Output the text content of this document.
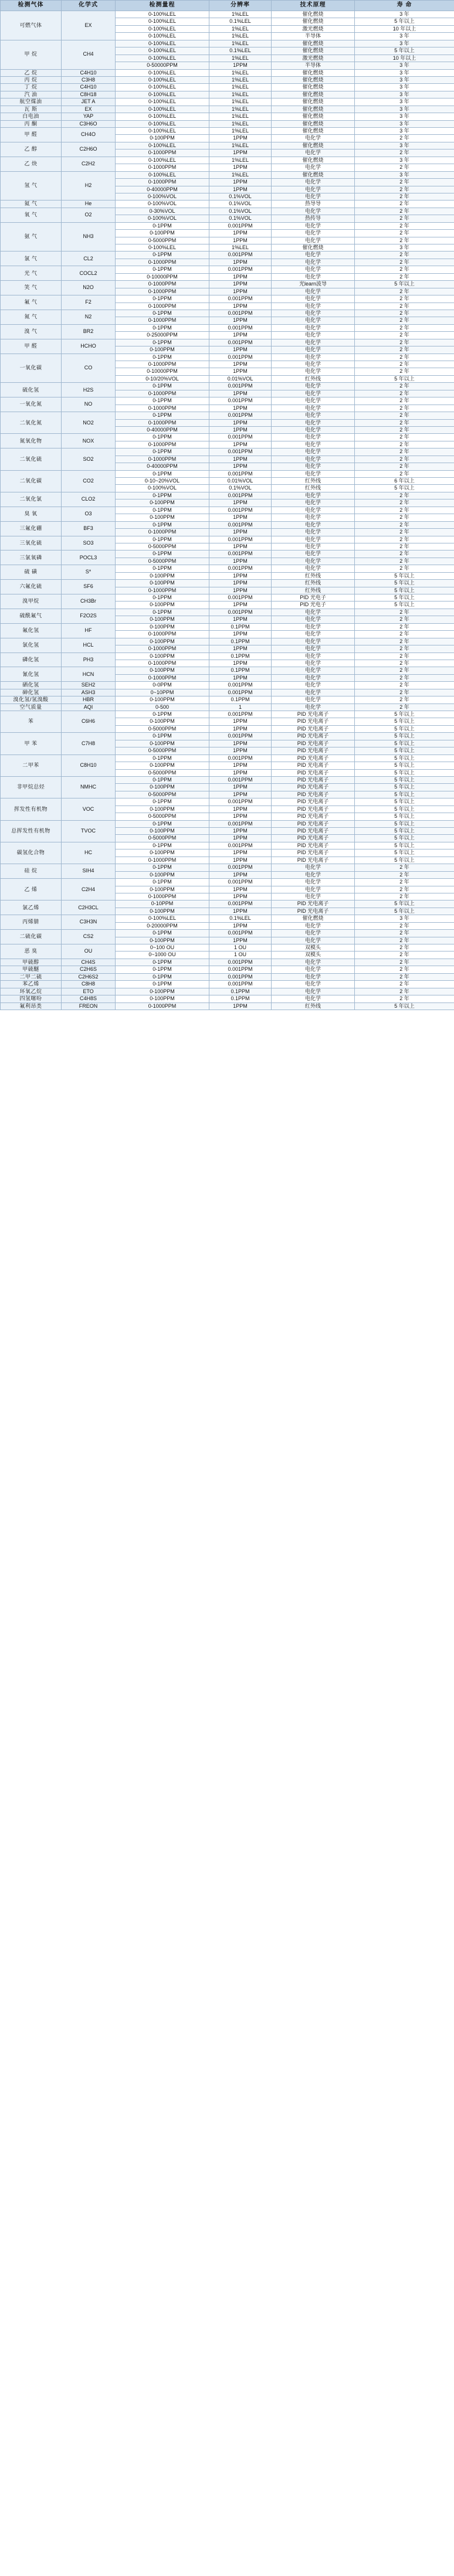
检测气体	化学式	检测量程	分辨率	技术原理	寿 命
可燃气体	EX	0-100%LEL	1%LEL	催化燃烧	3 年
		0-100%LEL	0.1%LEL	催化燃烧	5 年以上
		0-100%LEL	1%LEL	激光燃烧	10 年以上
		0-100%LEL	1%LEL	半导体	3 年
甲 烷	CH4	0-100%LEL	1%LEL	催化燃烧	3 年
		0-100%LEL	0.1%LEL	催化燃烧	5 年以上
		0-100%LEL	1%LEL	激光燃烧	10 年以上
		0-50000PPM	1PPM	半导体	3 年
乙 烷	C4H10	0-100%LEL	1%LEL	催化燃烧	3 年
丙 烷	C3H8	0-100%LEL	1%LEL	催化燃烧	3 年
丁 烷	C4H10	0-100%LEL	1%LEL	催化燃烧	3 年
汽 油	C8H18	0-100%LEL	1%LEL	催化燃烧	3 年
航空煤油	JET A	0-100%LEL	1%LEL	催化燃烧	3 年
瓦 斯	EX	0-100%LEL	1%LEL	催化燃烧	3 年
白电油	YAP	0-100%LEL	1%LEL	催化燃烧	3 年
丙 酮	C3H6O	0-100%LEL	1%LEL	催化燃烧	3 年
甲 醛	CH4O	0-100%LEL	1%LEL	催化燃烧	3 年
		0-100PPM	1PPM	电化学	2 年
乙 醇	C2H6O	0-100%LEL	1%LEL	催化燃烧	3 年
		0-1000PPM	1PPM	电化学	2 年
乙 炔	C2H2	0-100%LEL	1%LEL	催化燃烧	3 年
		0-1000PPM	1PPM	电化学	2 年
氢 气	H2	0-100%LEL	1%LEL	催化燃烧	3 年
		0-1000PPM	1PPM	电化学	2 年
		0-40000PPM	1PPM	电化学	2 年
		0-100%VOL	0.1%VOL	电化学	2 年
氦 气	He	0-100%VOL	0.1%VOL	热导导	2 年
氧 气	O2	0-30%VOL	0.1%VOL	电化学	2 年
		0-100%VOL	0.1%VOL	热传导	2 年
氨 气	NH3	0-1PPM	0.001PPM	电化学	2 年
		0-100PPM	1PPM	电化学	2 年
		0-5000PPM	1PPM	电化学	2 年
		0-100%LEL	1%LEL	催化燃烧	3 年
氯 气	CL2	0-1PPM	0.001PPM	电化学	2 年
		0-1000PPM	1PPM	电化学	2 年
光 气	COCL2	0-1PPM	0.001PPM	电化学	2 年
		0-10000PPM	1PPM	电化学	2 年
笑 气	N2O	0-1000PPM	1PPM	光learn波导	5 年以上
		0-1000PPM	1PPM	电化学	2 年
氟 气	F2	0-1PPM	0.001PPM	电化学	2 年
		0-1000PPM	1PPM	电化学	2 年
氮 气	N2	0-1PPM	0.001PPM	电化学	2 年
		0-1000PPM	1PPM	电化学	2 年
溴 气	BR2	0-1PPM	0.001PPM	电化学	2 年
		0-25000PPM	1PPM	电化学	2 年
甲 醛	HCHO	0-1PPM	0.001PPM	电化学	2 年
		0-100PPM	1PPM	电化学	2 年
一氧化碳	CO	0-1PPM	0.001PPM	电化学	2 年
		0-1000PPM	1PPM	电化学	2 年
		0-10000PPM	1PPM	电化学	2 年
		0-10/20%VOL	0.01%VOL	红外线	5 年以上
硫化氢	H2S	0-1PPM	0.001PPM	电化学	2 年
		0-1000PPM	1PPM	电化学	2 年
一氧化氮	NO	0-1PPM	0.001PPM	电化学	2 年
		0-1000PPM	1PPM	电化学	2 年
二氧化氮	NO2	0-1PPM	0.001PPM	电化学	2 年
		0-1000PPM	1PPM	电化学	2 年
		0-40000PPM	1PPM	电化学	2 年
氮氧化物	NOX	0-1PPM	0.001PPM	电化学	2 年
		0-1000PPM	1PPM	电化学	2 年
二氧化硫	SO2	0-1PPM	0.001PPM	电化学	2 年
		0-1000PPM	1PPM	电化学	2 年
		0-40000PPM	1PPM	电化学	2 年
二氧化碳	CO2	0-1PPM	0.001PPM	电化学	2 年
		0-10~20%VOL	0.01%VOL	红外线	6 年以上
		0-100%VOL	0.1%VOL	红外线	5 年以上
二氧化氯	CLO2	0-1PPM	0.001PPM	电化学	2 年
		0-100PPM	1PPM	电化学	2 年
臭 氧	O3	0-1PPM	0.001PPM	电化学	2 年
		0-100PPM	1PPM	电化学	2 年
三氟化硼	BF3	0-1PPM	0.001PPM	电化学	2 年
		0-1000PPM	1PPM	电化学	2 年
三氧化硫	SO3	0-1PPM	0.001PPM	电化学	2 年
		0-5000PPM	1PPM	电化学	2 年
三氯氧磷	POCL3	0-1PPM	0.001PPM	电化学	2 年
		0-5000PPM	1PPM	电化学	2 年
硫 磺	S*	0-1PPM	0.001PPM	电化学	2 年
		0-100PPM	1PPM	红外线	5 年以上
六氟化硫	SF6	0-100PPM	1PPM	红外线	5 年以上
		0-1000PPM	1PPM	红外线	5 年以上
溴甲烷	CH3Br	0-1PPM	0.001PPM	PID 光电子	5 年以上
		0-100PPM	1PPM	PID 光电子	5 年以上
硫酰氟气	F2O2S	0-1PPM	0.001PPM	电化学	2 年
		0-100PPM	1PPM	电化学	2 年
氟化氢	HF	0-100PPM	0.1PPM	电化学	2 年
		0-1000PPM	1PPM	电化学	2 年
氯化氢	HCL	0-100PPM	0.1PPM	电化学	2 年
		0-1000PPM	1PPM	电化学	2 年
磷化氢	PH3	0-100PPM	0.1PPM	电化学	2 年
		0-1000PPM	1PPM	电化学	2 年
氰化氢	HCN	0-100PPM	0.1PPM	电化学	2 年
		0-1000PPM	1PPM	电化学	2 年
硒化氢	SEH2	0-0PPM	0.001PPM	电化学	2 年
砷化氢	ASH3	0~10PPM	0.001PPM	电化学	2 年
溴化氢/氢溴酸	HBR	0-100PPM	0.1PPM	电化学	2 年
空气质量	AQI	0-500	1	电化学	2 年
苯	C6H6	0-1PPM	0.001PPM	PID 光电离子	5 年以上
		0-100PPM	1PPM	PID 光电离子	5 年以上
		0-5000PPM	1PPM	PID 光电离子	5 年以上
甲 苯	C7H8	0-1PPM	0.001PPM	PID 光电离子	5 年以上
		0-100PPM	1PPM	PID 光电离子	5 年以上
		0-5000PPM	1PPM	PID 光电离子	5 年以上
二甲苯	C8H10	0-1PPM	0.001PPM	PID 光电离子	5 年以上
		0-100PPM	1PPM	PID 光电离子	5 年以上
		0-5000PPM	1PPM	PID 光电离子	5 年以上
非甲烷总烃	NMHC	0-1PPM	0.001PPM	PID 光电离子	5 年以上
		0-100PPM	1PPM	PID 光电离子	5 年以上
		0-5000PPM	1PPM	PID 光电离子	5 年以上
挥发性有机物	VOC	0-1PPM	0.001PPM	PID 光电离子	5 年以上
		0-100PPM	1PPM	PID 光电离子	5 年以上
		0-5000PPM	1PPM	PID 光电离子	5 年以上
总挥发性有机物	TVOC	0-1PPM	0.001PPM	PID 光电离子	5 年以上
		0-100PPM	1PPM	PID 光电离子	5 年以上
		0-5000PPM	1PPM	PID 光电离子	5 年以上
碳氢化合物	HC	0-1PPM	0.001PPM	PID 光电离子	5 年以上
		0-100PPM	1PPM	PID 光电离子	5 年以上
		0-1000PPM	1PPM	PID 光电离子	5 年以上
硅 烷	SIH4	0-1PPM	0.001PPM	电化学	2 年
		0-100PPM	1PPM	电化学	2 年
乙 烯	C2H4	0-1PPM	0.001PPM	电化学	2 年
		0-100PPM	1PPM	电化学	2 年
		0-1000PPM	1PPM	电化学	2 年
氯乙烯	C2H3CL	0-10PPM	0.001PPM	PID 光电离子	5 年以上
		0-100PPM	1PPM	PID 光电离子	5 年以上
丙烯腈	C3H3N	0-100%LEL	0.1%LEL	催化燃烧	3 年
		0-20000PPM	1PPM	电化学	2 年
二硫化碳	CS2	0-1PPM	0.001PPM	电化学	2 年
		0-100PPM	1PPM	电化学	2 年
恶 臭	OU	0~100 OU	1 OU	双模头	2 年
		0~1000 OU	1 OU	双模头	2 年
甲硫醇	CH4S	0-1PPM	0.001PPM	电化学	2 年
甲硫醚	C2H6S	0-1PPM	0.001PPM	电化学	2 年
二甲二硫	C2H6S2	0-1PPM	0.001PPM	电化学	2 年
苯乙烯	C8H8	0-1PPM	0.001PPM	电化学	2 年
环氧乙烷	ETO	0-100PPM	0.1PPM	电化学	2 年
四氢噻吩	C4H8S	0-100PPM	0.1PPM	电化学	2 年
氟利昂类	FREON	0-1000PPM	1PPM	红外线	5 年以上
